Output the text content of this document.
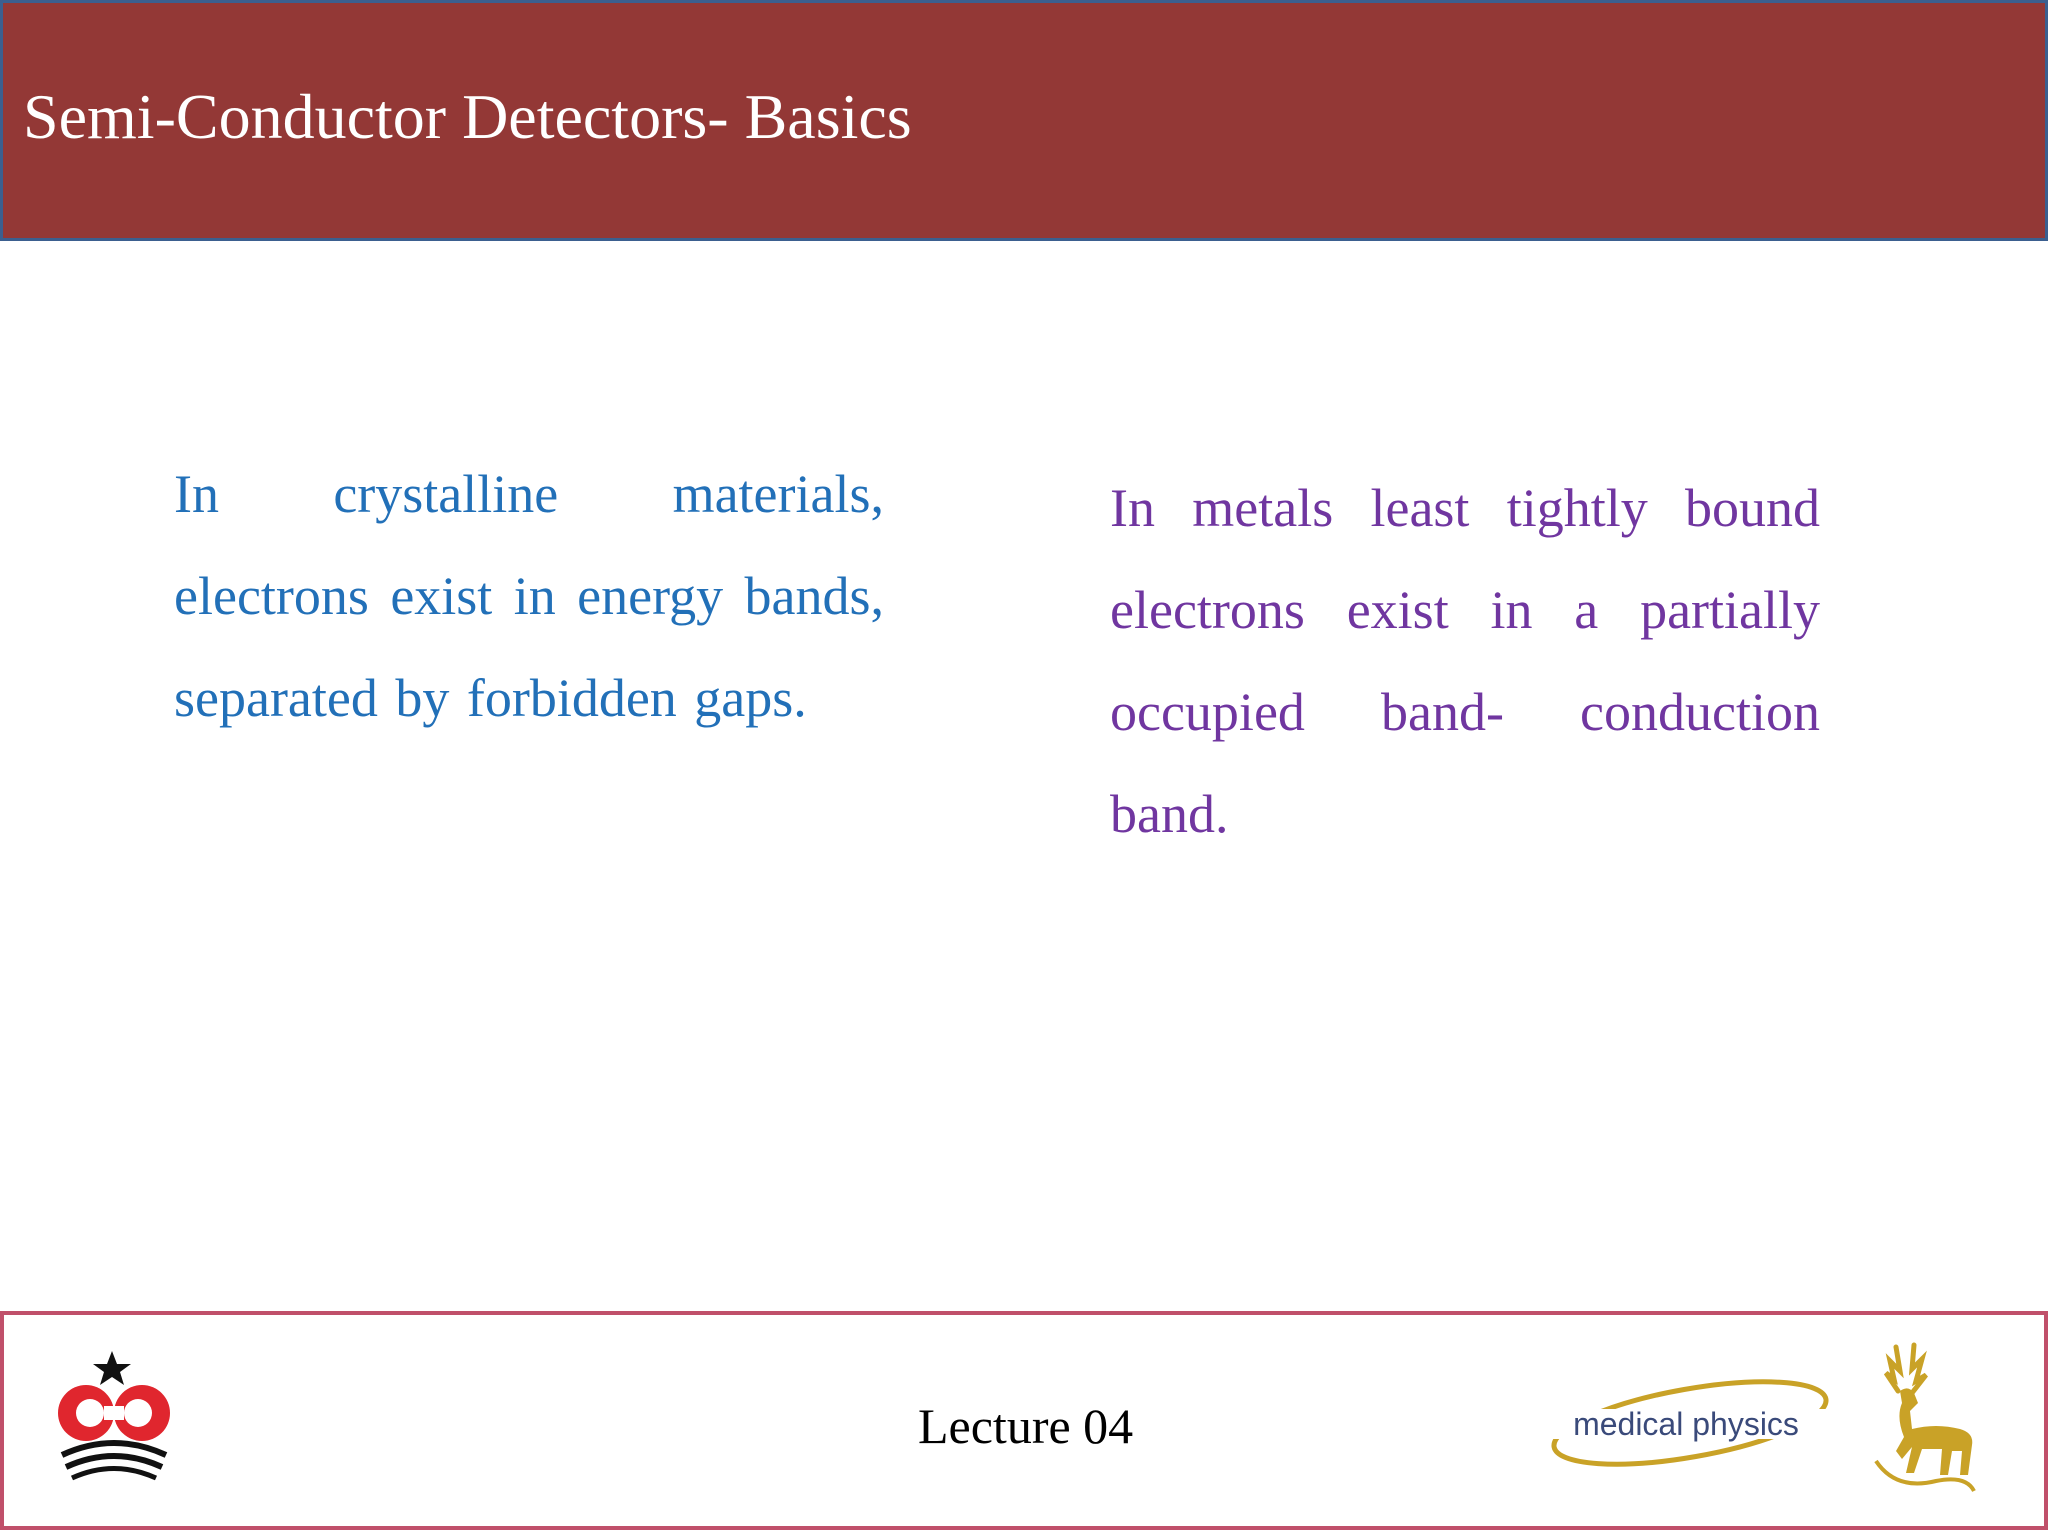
Semi-Conductor Detectors- Basics

In crystalline materials, electrons exist in energy bands, separated by forbidden gaps.

In metals least tightly bound electrons exist in a partially occupied band- conduction band.

Lecture 04	medical physics
